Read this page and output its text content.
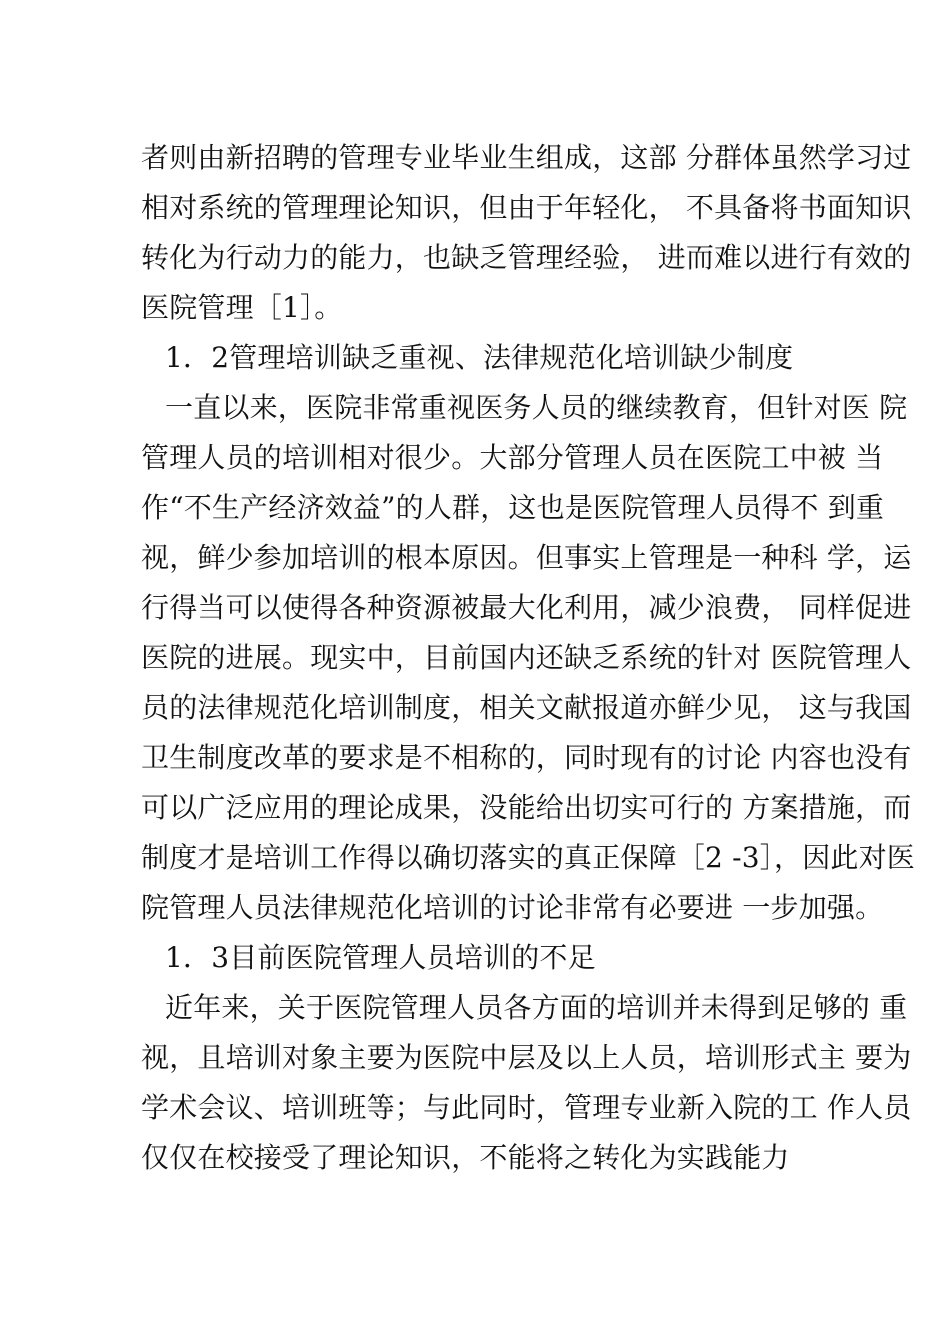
者则由新招聘的管理专业毕业生组成，这部 分群体虽然学习过
相对系统的管理理论知识，但由于年轻化， 不具备将书面知识
转化为行动力的能力，也缺乏管理经验， 进而难以进行有效的
医院管理［1］。
1．2管理培训缺乏重视、法律规范化培训缺少制度
一直以来，医院非常重视医务人员的继续教育，但针对医 院
管理人员的培训相对很少。大部分管理人员在医院工中被 当
作“不生产经济效益”的人群，这也是医院管理人员得不 到重
视，鲜少参加培训的根本原因。但事实上管理是一种科 学，运
行得当可以使得各种资源被最大化利用，减少浪费， 同样促进
医院的进展。现实中，目前国内还缺乏系统的针对 医院管理人
员的法律规范化培训制度，相关文献报道亦鲜少见， 这与我国
卫生制度改革的要求是不相称的，同时现有的讨论 内容也没有
可以广泛应用的理论成果，没能给出切实可行的 方案措施，而
制度才是培训工作得以确切落实的真正保障［2 -3］，因此对医
院管理人员法律规范化培训的讨论非常有必要进 一步加强。
1．3目前医院管理人员培训的不足
近年来，关于医院管理人员各方面的培训并未得到足够的 重
视，且培训对象主要为医院中层及以上人员，培训形式主 要为
学术会议、培训班等；与此同时，管理专业新入院的工 作人员
仅仅在校接受了理论知识，不能将之转化为实践能力
